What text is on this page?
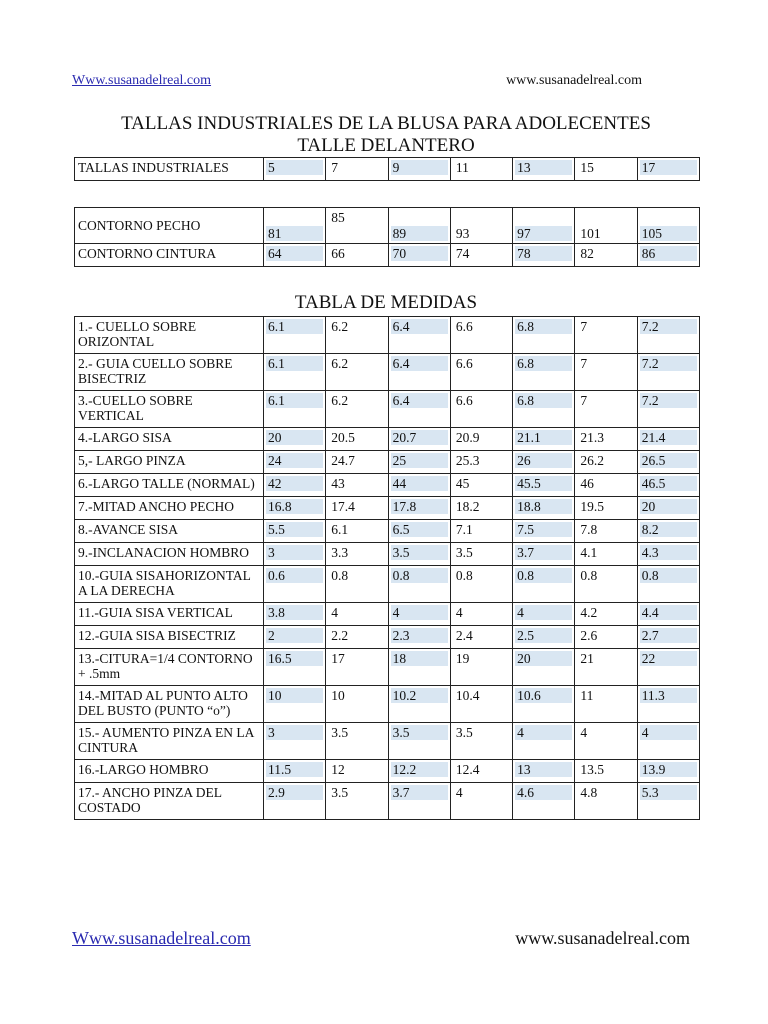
Www.susanadelreal.com	www.susanadelreal.com
TALLAS INDUSTRIALES DE LA BLUSA PARA ADOLECENTES
TALLE DELANTERO
TALLAS INDUSTRIALES	5	7	9	11	13	15	17
CONTORNO PECHO	81	85	89	93	97	101	105

CONTORNO CINTURA	64	66	70	74	78	82	86
TABLA DE MEDIDAS
1.- CUELLO SOBRE ORIZONTAL	6.1	6.2	6.4	6.6	6.8	7	7.2

2.- GUIA CUELLO SOBRE BISECTRIZ	6.1	6.2	6.4	6.6	6.8	7	7.2

3.-CUELLO SOBRE VERTICAL	6.1	6.2	6.4	6.6	6.8	7	7.2

4.-LARGO SISA	20	20.5	20.7	20.9	21.1	21.3	21.4

5,- LARGO PINZA	24	24.7	25	25.3	26	26.2	26.5

6.-LARGO TALLE (NORMAL)	42	43	44	45	45.5	46	46.5

7.-MITAD ANCHO PECHO	16.8	17.4	17.8	18.2	18.8	19.5	20

8.-AVANCE SISA	5.5	6.1	6.5	7.1	7.5	7.8	8.2

9.-INCLANACION HOMBRO	3	3.3	3.5	3.5	3.7	4.1	4.3

10.-GUIA SISAHORIZONTAL A LA DERECHA	0.6	0.8	0.8	0.8	0.8	0.8	0.8

11.-GUIA SISA VERTICAL	3.8	4	4	4	4	4.2	4.4

12.-GUIA SISA BISECTRIZ	2	2.2	2.3	2.4	2.5	2.6	2.7

13.-CITURA=1/4 CONTORNO + .5mm	16.5	17	18	19	20	21	22

14.-MITAD AL PUNTO ALTO DEL BUSTO (PUNTO “o”)	10	10	10.2	10.4	10.6	11	11.3

15.- AUMENTO PINZA EN LA CINTURA	3	3.5	3.5	3.5	4	4	4

16.-LARGO HOMBRO	11.5	12	12.2	12.4	13	13.5	13.9

17.- ANCHO PINZA DEL COSTADO	2.9	3.5	3.7	4	4.6	4.8	5.3
Www.susanadelreal.com	www.susanadelreal.com
